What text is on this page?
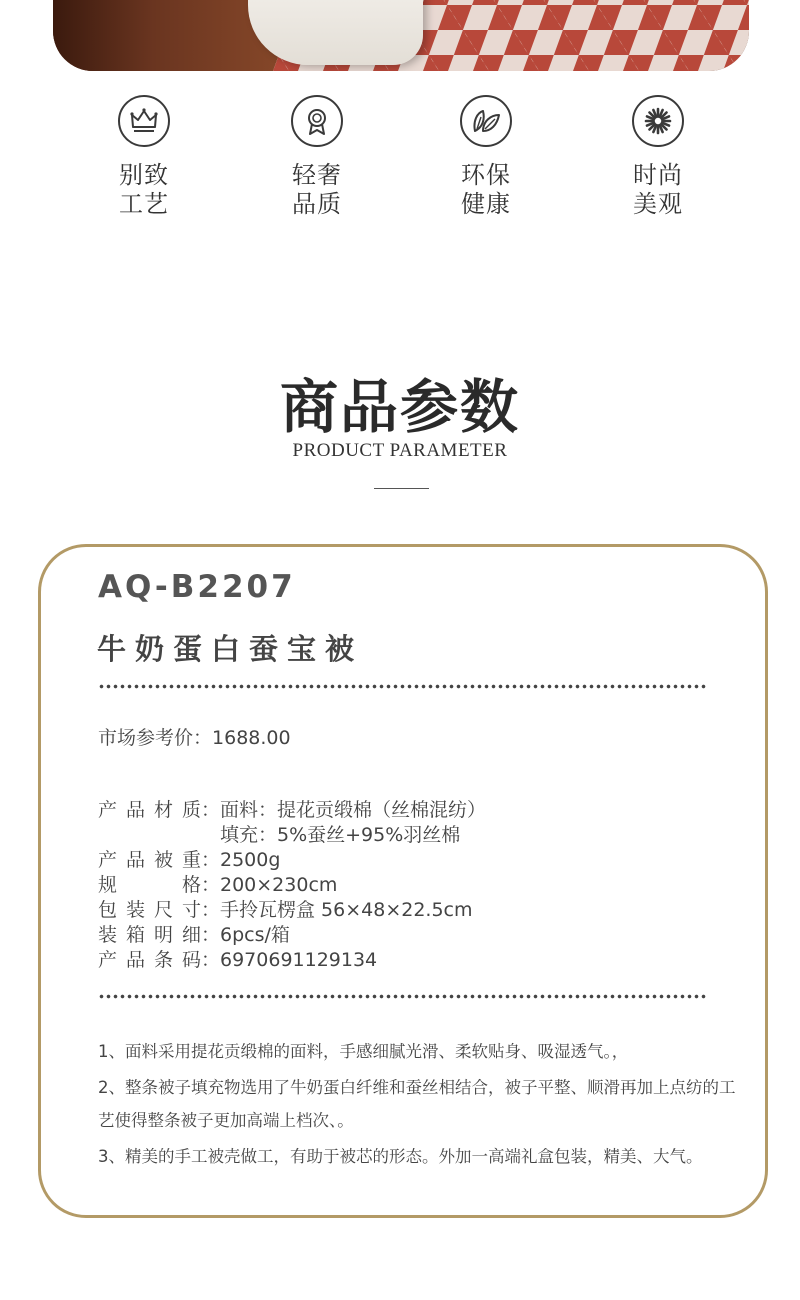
别致
工艺
轻奢
品质
环保
健康
时尚
美观
商品参数
PRODUCT PARAMETER
AQ-B2207
牛奶蛋白蚕宝被
市场参考价：1688.00
产品材质	面料：提花贡缎棉（丝棉混纺）
填充：5%蚕丝+95%羽丝棉
产品被重	2500g
规格	200×230cm
包装尺寸	手拎瓦楞盒 56×48×22.5cm
装箱明细	6pcs/箱
产品条码	6970691129134

1、面料采用提花贡缎棉的面料，手感细腻光滑、柔软贴身、吸湿透气。，

2、整条被子填充物选用了牛奶蛋白纤维和蚕丝相结合，被子平整、顺滑再加上点纺的工艺使得整条被子更加高端上档次、。

3、精美的手工被壳做工，有助于被芯的形态。外加一高端礼盒包装，精美、大气。
